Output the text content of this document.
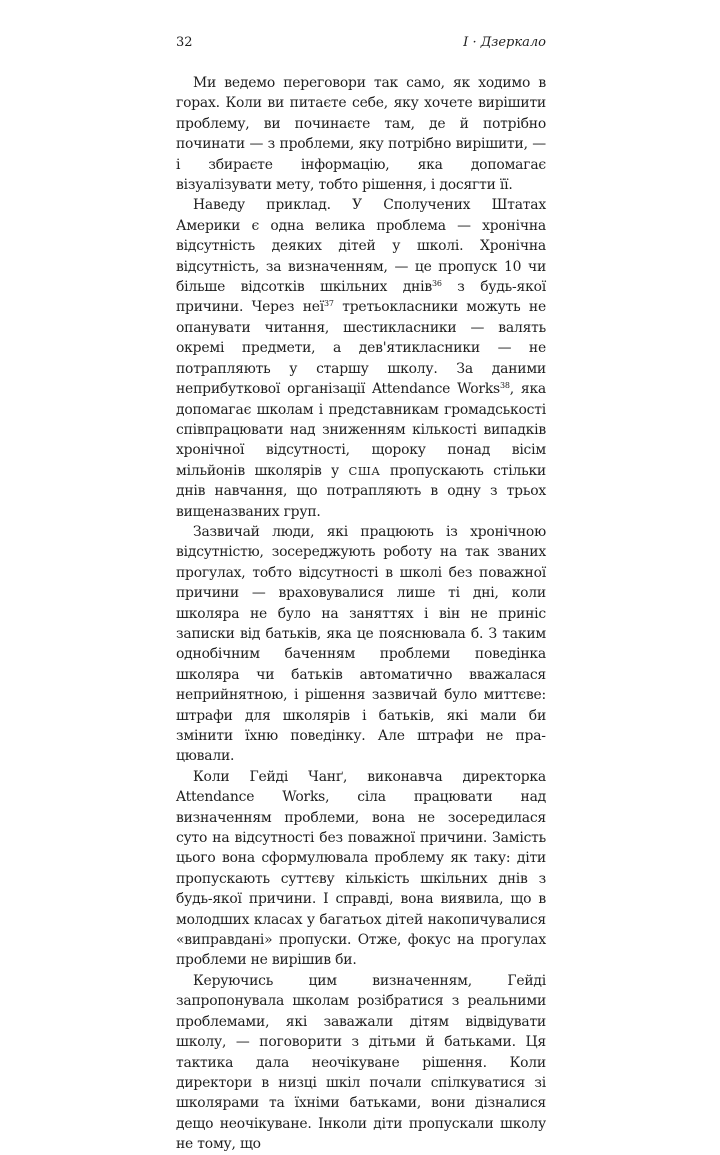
32	І · Дзеркало

Ми ведемо переговори так само, як ходимо в горах. Коли ви питаєте себе, яку хочете вирішити проблему, ви починаєте там, де й потрібно починати — з проблеми, яку потрібно вирішити, — і збираєте інформацію, яка допомагає візуалізувати мету, тобто рішення, і досягти її.

Наведу приклад. У Сполучених Штатах Америки є одна велика проблема — хронічна відсутність деяких дітей у школі. Хронічна відсутність, за визначенням, — це пропуск 10 чи більше відсотків шкільних днів$^{36}$ з будь-якої причини. Через неї$^{37}$ третьокласники можуть не опанувати читання, шестикласники — валять окремі предмети, а дев'ятикласники — не потрапляють у старшу школу. За даними неприбуткової організації Attendance Works$^{38}$, яка допомагає школам і представникам громадськості співпрацювати над зниженням кількості випадків хронічної відсутності, щороку понад вісім мільйонів школярів у США пропускають стільки днів навчання, що потрапляють в одну з трьох вищеназваних груп.

Зазвичай люди, які працюють із хронічною відсутністю, зосереджують роботу на так званих прогулах, тобто відсутності в школі без поважної причини — враховувалися лише ті дні, коли школяра не було на заняттях і він не приніс записки від батьків, яка це пояснювала б. З таким однобічним баченням проблеми поведінка школяра чи батьків автоматично вважалася неприйнятною, і рішення зазвичай було миттєве: штрафи для школярів і батьків, які мали би змінити їхню поведінку. Але штрафи не працювали.

Коли Гейді Чанґ, виконавча директорка Attendance Works, сіла працювати над визначенням проблеми, вона не зосередилася суто на відсутності без поважної причини. Замість цього вона сформулювала проблему як таку: діти пропускають суттєву кількість шкільних днів з будь-якої причини. І справді, вона виявила, що в молодших класах у багатьох дітей накопичувалися «виправдані» пропуски. Отже, фокус на прогулах проблеми не вирішив би.

Керуючись цим визначенням, Гейді запропонувала школам розібратися з реальними проблемами, які заважали дітям відвідувати школу, — поговорити з дітьми й батьками. Ця тактика дала неочікуване рішення. Коли директори в низці шкіл почали спілкуватися зі школярами та їхніми батьками, вони дізналися дещо неочікуване. Інколи діти пропускали школу не тому, що
